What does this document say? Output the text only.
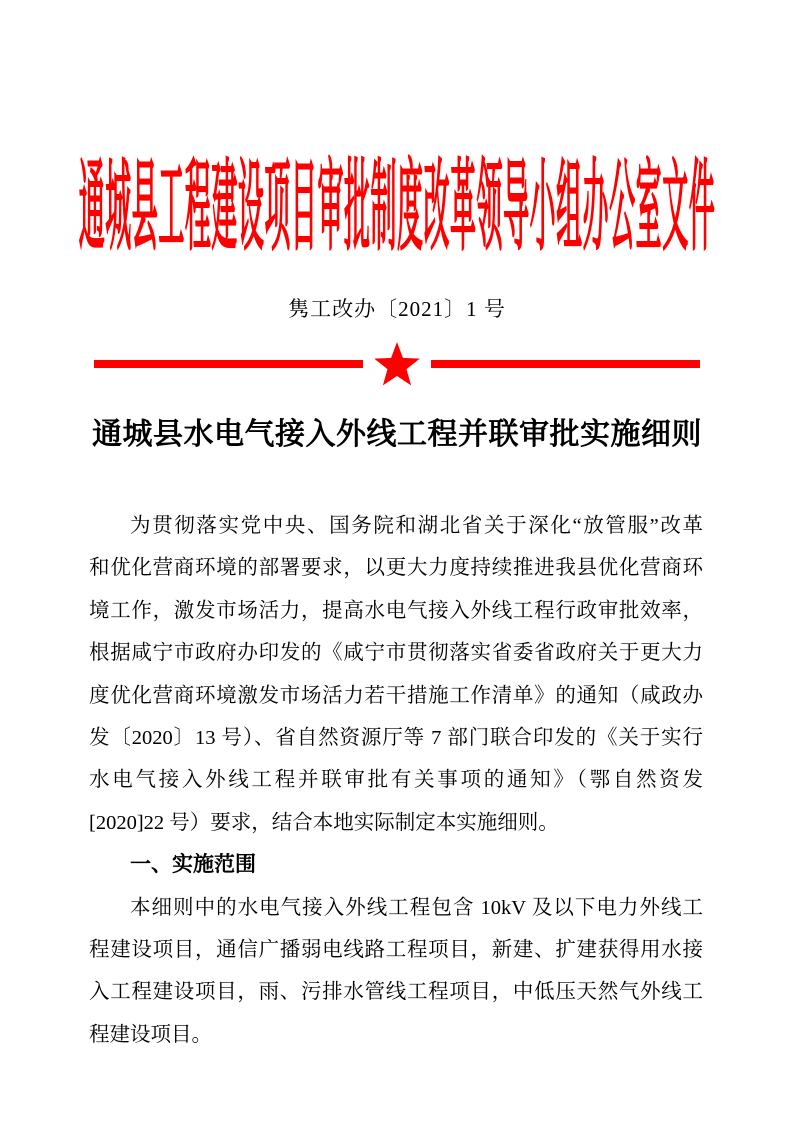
通城县工程建设项目审批制度改革领导小组办公室文件
隽工改办〔2021〕1 号
通城县水电气接入外线工程并联审批实施细则
为贯彻落实党中央、国务院和湖北省关于深化“放管服”改革
和优化营商环境的部署要求，以更大力度持续推进我县优化营商环
境工作，激发市场活力，提高水电气接入外线工程行政审批效率，
根据咸宁市政府办印发的《咸宁市贯彻落实省委省政府关于更大力
度优化营商环境激发市场活力若干措施工作清单》的通知（咸政办
发〔2020〕13 号）、省自然资源厅等 7 部门联合印发的《关于实行
水电气接入外线工程并联审批有关事项的通知》（鄂自然资发
[2020]22 号）要求，结合本地实际制定本实施细则。
一、实施范围
本细则中的水电气接入外线工程包含 10kV 及以下电力外线工
程建设项目，通信广播弱电线路工程项目，新建、扩建获得用水接
入工程建设项目，雨、污排水管线工程项目，中低压天然气外线工
程建设项目。
